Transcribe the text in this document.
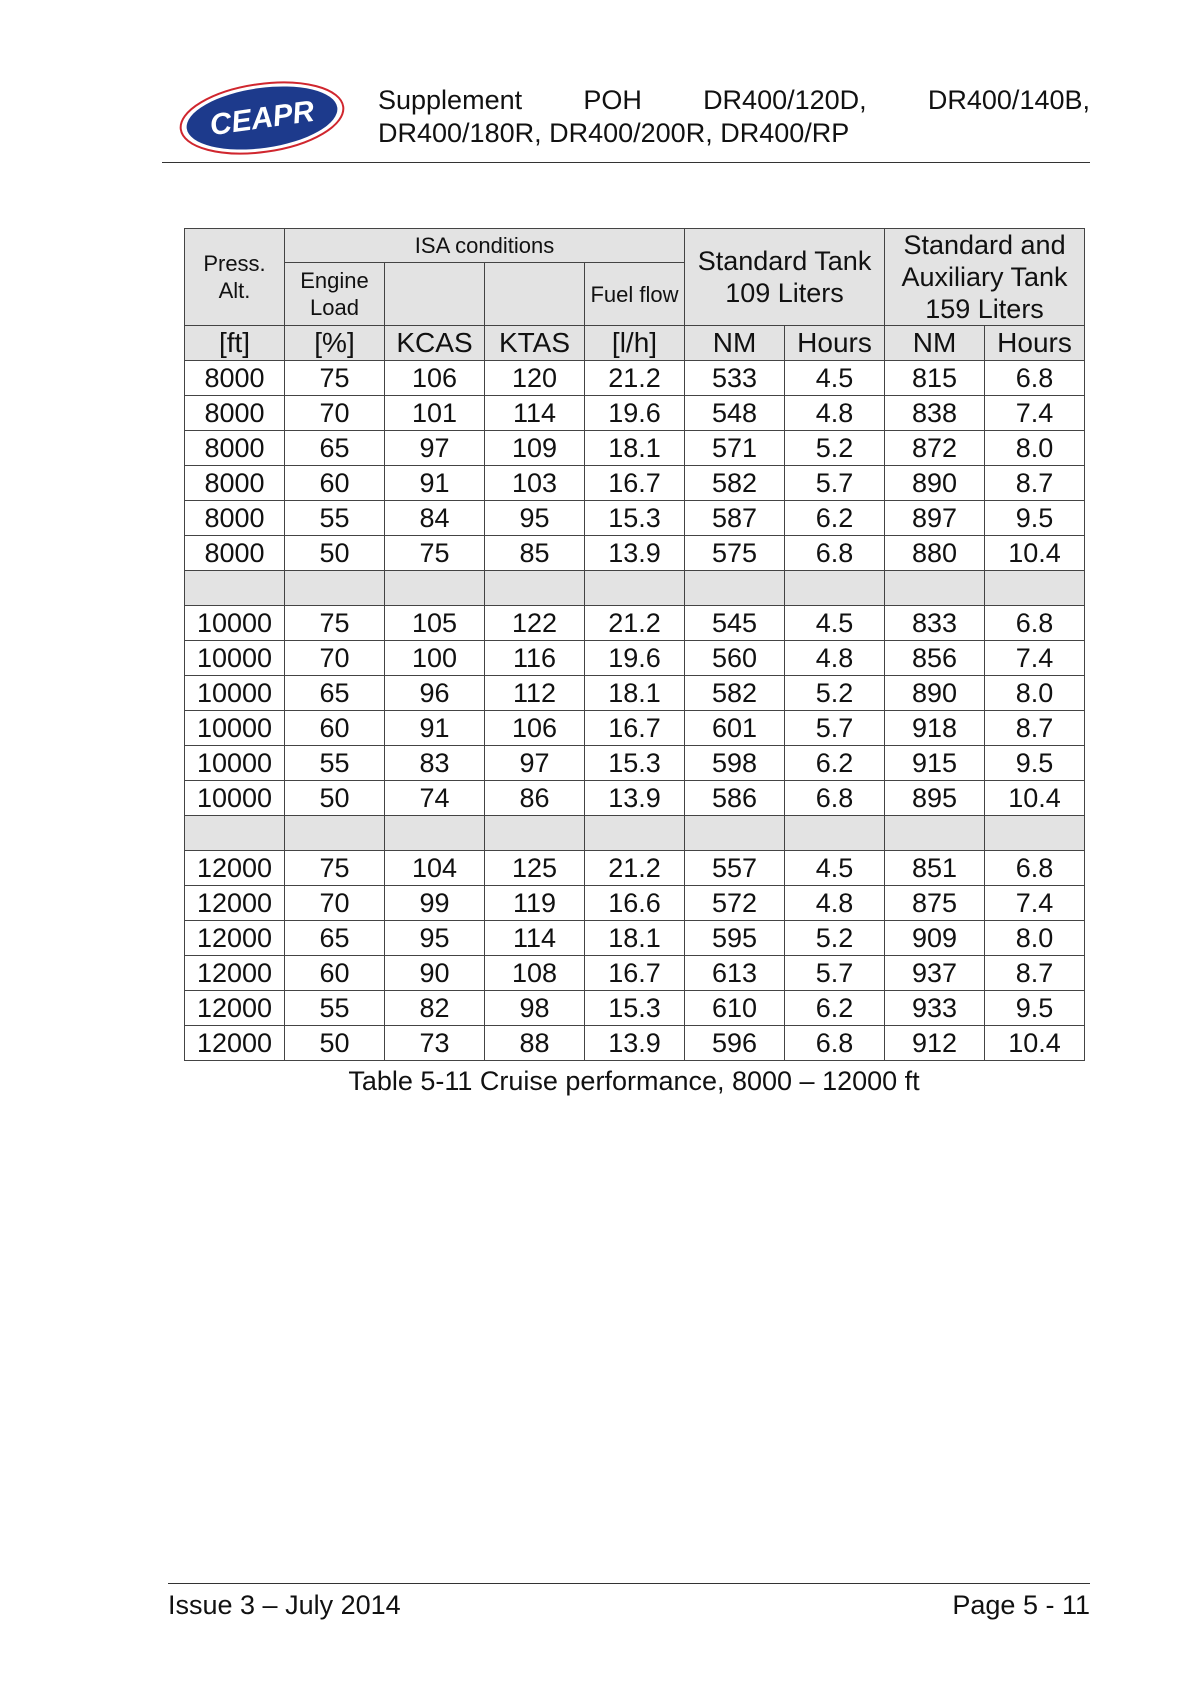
CEAPR Supplement POH DR400/120D, DR400/140B,
DR400/180R, DR400/200R, DR400/RP
Press. Alt.	ISA conditions				Standard Tank 109 Liters		Standard and Auxiliary Tank 159 Liters	
	Engine Load			Fuel flow				
[ft]	[%]	KCAS	KTAS	[l/h]	NM	Hours	NM	Hours
8000	75	106	120	21.2	533	4.5	815	6.8
8000	70	101	114	19.6	548	4.8	838	7.4
8000	65	97	109	18.1	571	5.2	872	8.0
8000	60	91	103	16.7	582	5.7	890	8.7
8000	55	84	95	15.3	587	6.2	897	9.5
8000	50	75	85	13.9	575	6.8	880	10.4

10000	75	105	122	21.2	545	4.5	833	6.8
10000	70	100	116	19.6	560	4.8	856	7.4
10000	65	96	112	18.1	582	5.2	890	8.0
10000	60	91	106	16.7	601	5.7	918	8.7
10000	55	83	97	15.3	598	6.2	915	9.5
10000	50	74	86	13.9	586	6.8	895	10.4

12000	75	104	125	21.2	557	4.5	851	6.8
12000	70	99	119	16.6	572	4.8	875	7.4
12000	65	95	114	18.1	595	5.2	909	8.0
12000	60	90	108	16.7	613	5.7	937	8.7
12000	55	82	98	15.3	610	6.2	933	9.5
12000	50	73	88	13.9	596	6.8	912	10.4
Table 5-11 Cruise performance, 8000 – 12000 ft
Issue 3 – July 2014	Page 5 - 11
